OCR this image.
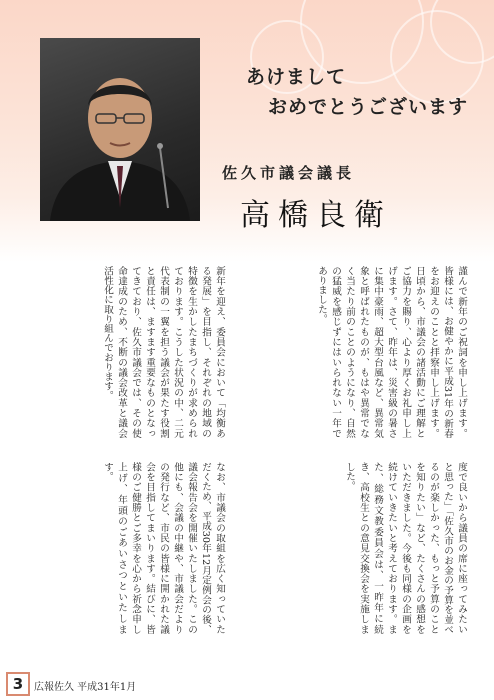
あけまして
おめでとうございます
佐久市議会議長
高橋良衛
謹んで新年のご祝詞を申し上げます。皆様には、お健やかに平成31年の新春をお迎えのことと拝察申し上げます。日頃から、市議会の諸活動にご理解とご協力を賜り、心より厚くお礼申し上げます。さて、昨年は、災害級の暑さに集中豪雨、超大型台風など、異常気象と呼ばれたものが、もはや異常でなく当たり前のことのようになり、自然の猛威を感じずにはいられない一年でありました。
新年を迎え、委員会において「均衡ある発展」を目指し、それぞれの地域の特徴を生かしたまちづくりが求められております。こうした状況の中、二元代表制の一翼を担う議会が果たす役割と責任は、ますます重要なものとなってきており、佐久市議会では、その使命達成のため、不断の議会改革と議会活性化に取り組んでおります。
度で良いから議員の席に座ってみたいと思った」「佐久市のお金の予算を並べるのが楽しかった、もっと予算のことを知りたい」など、たくさんの感想をいただきました。今後も同様の企画を続けていきたいと考えております。また、総務文教委員会は、一昨年に続き、高校生との意見交換会を実施しました。
なお、市議会の取組を広く知っていただくため、平成30年12月定例会の後、議会報告会を開催いたしました。この他にも、会議の中継や、市議会だよりの発行など、市民の皆様に開かれた議会を目指してまいります。結びに、皆様のご健勝とご多幸を心から祈念申し上げ、年頭のごあいさつといたします。
3	広報佐久 平成31年1月
